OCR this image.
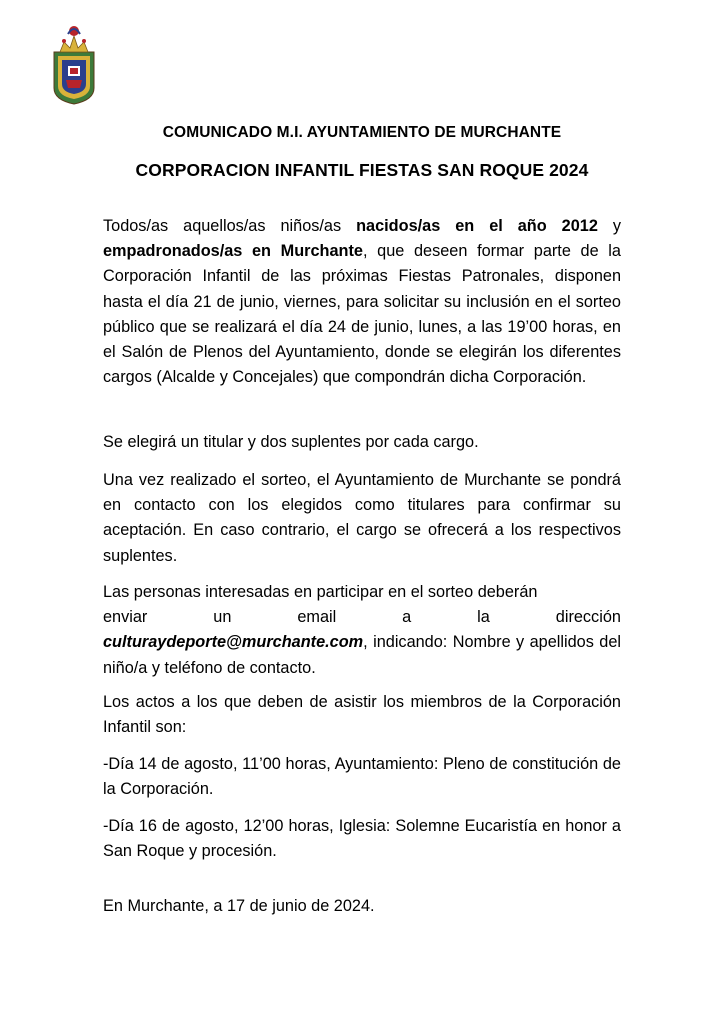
COMUNICADO M.I. AYUNTAMIENTO DE MURCHANTE
CORPORACION INFANTIL FIESTAS SAN ROQUE 2024
Todos/as aquellos/as niños/as nacidos/as en el año 2012 y empadronados/as en Murchante, que deseen formar parte de la Corporación Infantil de las próximas Fiestas Patronales, disponen hasta el día 21 de junio, viernes, para solicitar su inclusión en el sorteo público que se realizará el día 24 de junio, lunes, a las 19’00 horas, en el Salón de Plenos del Ayuntamiento, donde se elegirán los diferentes cargos (Alcalde y Concejales) que compondrán dicha Corporación.
Se elegirá un titular y dos suplentes por cada cargo.
Una vez realizado el sorteo, el Ayuntamiento de Murchante se pondrá en contacto con los elegidos como titulares para confirmar su aceptación. En caso contrario, el cargo se ofrecerá a los respectivos suplentes.
Las personas interesadas en participar en el sorteo deberán
enviar	un	email	a	la	dirección
culturaydeporte@murchante.com, indicando: Nombre y apellidos del niño/a y teléfono de contacto.
Los actos a los que deben de asistir los miembros de la Corporación Infantil son:
-Día 14 de agosto, 11’00 horas, Ayuntamiento: Pleno de constitución de la Corporación.
-Día 16 de agosto, 12’00 horas, Iglesia: Solemne Eucaristía en honor a San Roque y procesión.
En Murchante, a 17 de junio de 2024.
